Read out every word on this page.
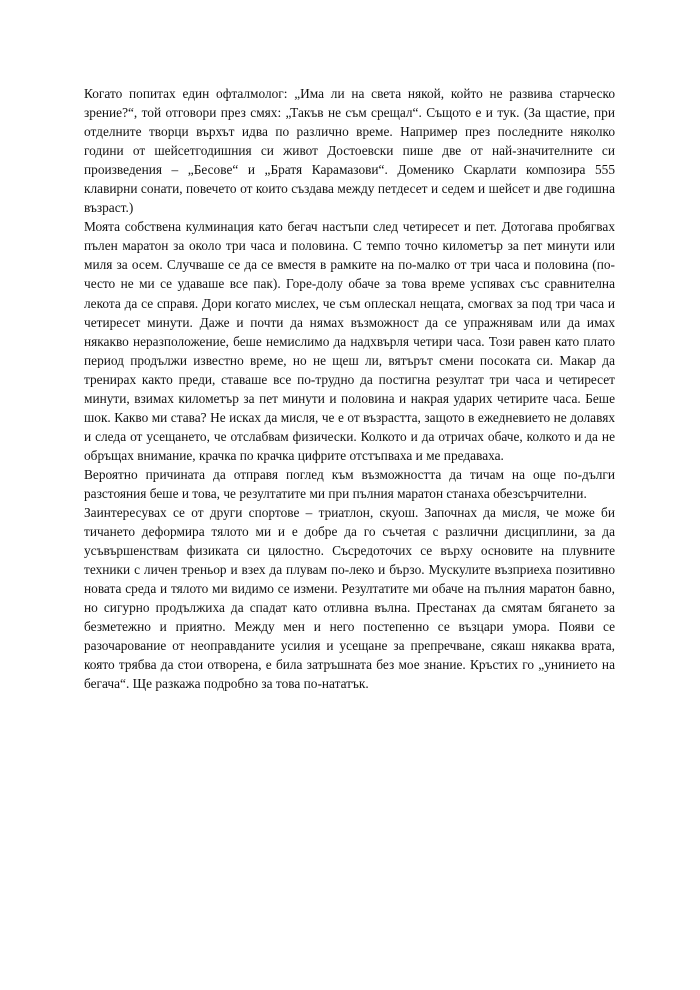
Когато попитах един офталмолог: „Има ли на света някой, който не развива старческо зрение?“, той отговори през смях: „Такъв не съм срещал“. Същото е и тук. (За щастие, при отделните творци върхът идва по различно време. Например през последните няколко години от шейсетгодишния си живот Достоевски пише две от най-значителните си произведения – „Бесове“ и „Братя Карамазови“. Доменико Скарлати композира 555 клавирни сонати, повечето от които създава между петдесет и седем и шейсет и две годишна възраст.)

Моята собствена кулминация като бегач настъпи след четиресет и пет. Дотогава пробягвах пълен маратон за около три часа и половина. С темпо точно километър за пет минути или миля за осем. Случваше се да се вместя в рамките на по-малко от три часа и половина (по-често не ми се удаваше все пак). Горе-долу обаче за това време успявах със сравнителна лекота да се справя. Дори когато мислех, че съм оплескал нещата, смогвах за под три часа и четиресет минути. Даже и почти да нямах възможност да се упражнявам или да имах някакво неразположение, беше немислимо да надхвърля четири часа. Този равен като плато период продължи известно време, но не щеш ли, вятърът смени посоката си. Макар да тренирах както преди, ставаше все по-трудно да постигна резултат три часа и четиресет минути, взимах километър за пет минути и половина и накрая ударих четирите часа. Беше шок. Какво ми става? Не исках да мисля, че е от възрастта, защото в ежедневието не долавях и следа от усещането, че отслабвам физически. Колкото и да отричах обаче, колкото и да не обръщах внимание, крачка по крачка цифрите отстъпваха и ме предаваха.

Вероятно причината да отправя поглед към възможността да тичам на още по-дълги разстояния беше и това, че резултатите ми при пълния маратон станаха обезсърчителни.

Заинтересувах се от други спортове – триатлон, скуош. Започнах да мисля, че може би тичането деформира тялото ми и е добре да го съчетая с различни дисциплини, за да усъвършенствам физиката си цялостно. Съсредоточих се върху основите на плувните техники с личен треньор и взех да плувам по-леко и бързо. Мускулите възприеха позитивно новата среда и тялото ми видимо се измени. Резултатите ми обаче на пълния маратон бавно, но сигурно продължиха да спадат като отливна вълна. Престанах да смятам бягането за безметежно и приятно. Между мен и него постепенно се възцари умора. Появи се разочарование от неоправданите усилия и усещане за препречване, сякаш някаква врата, която трябва да стои отворена, е била затръшната без мое знание. Кръстих го „унинието на бегача“. Ще разкажа подробно за това по-нататък.
